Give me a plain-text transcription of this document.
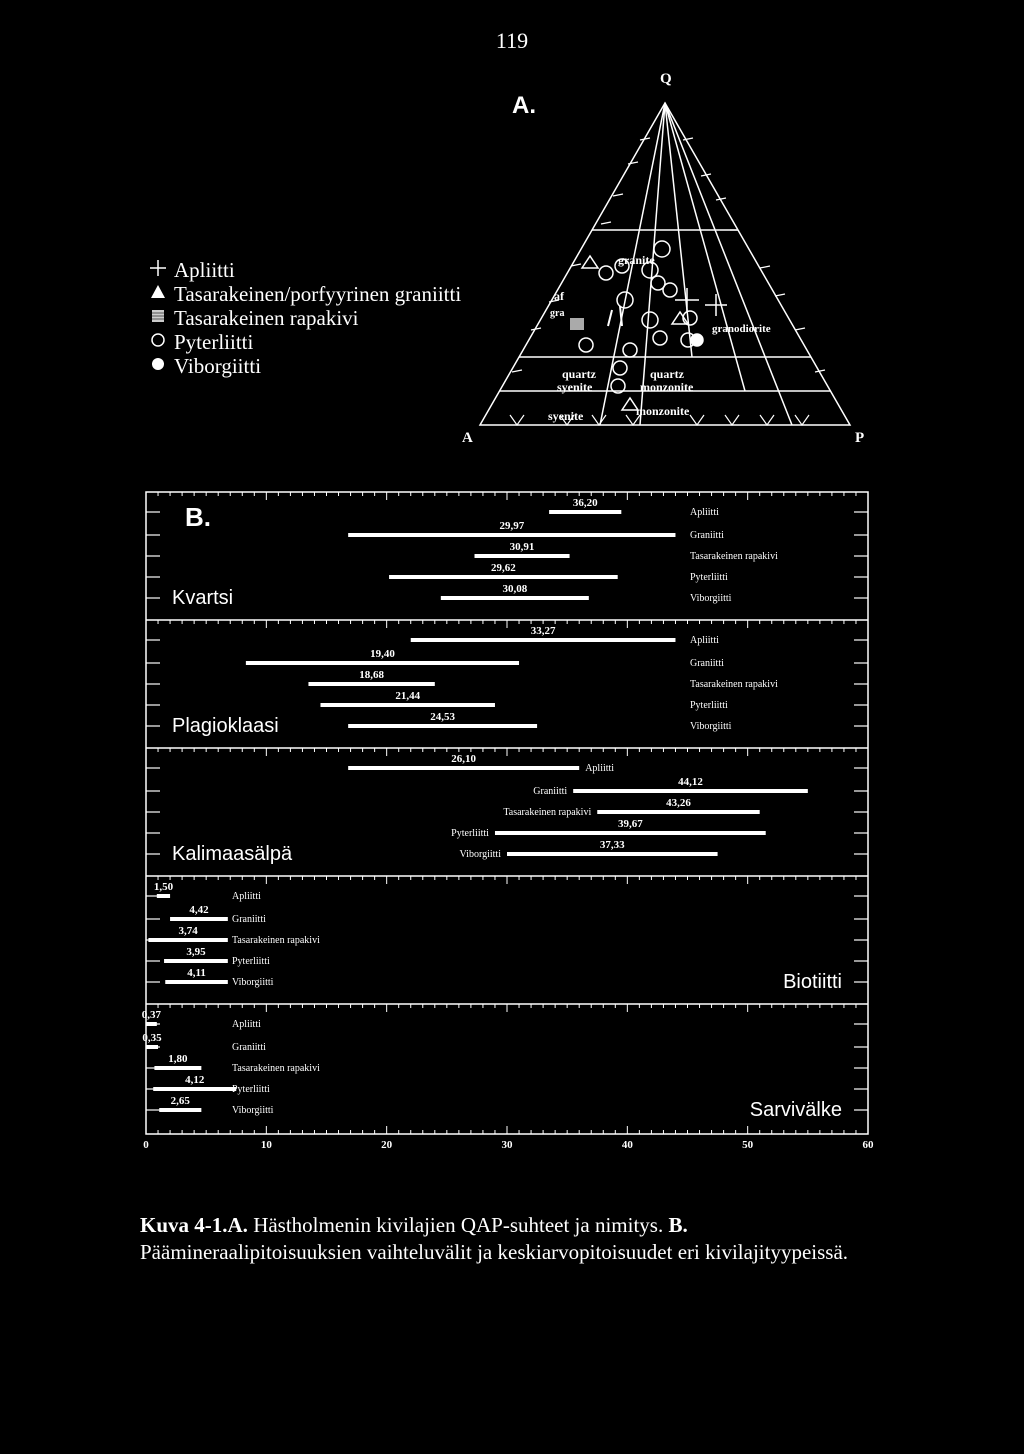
119
A.
Apliitti
Tasarakeinen/porfyyrinen graniitti
Tasarakeinen rapakivi
Pyterliitti
Viborgiitti
granite
af
gra
granodiorite
quartz
syenite
quartz
monzonite
syenite	monzonite
Q
A	P
0	10	20	30	40	50	60
Kvartsi
36,20
Apliitti
29,97
Graniitti
30,91
Tasarakeinen rapakivi
29,62
Pyterliitti
30,08
Viborgiitti
Plagioklaasi
33,27
Apliitti
19,40
Graniitti
18,68
Tasarakeinen rapakivi
21,44
Pyterliitti
24,53
Viborgiitti
Kalimaasälpä
26,10
Apliitti
44,12
Graniitti
43,26
Tasarakeinen rapakivi
39,67
Pyterliitti
37,33
Viborgiitti
Biotiitti
1,50
Apliitti
4,42
Graniitti
3,74
Tasarakeinen rapakivi
3,95
Pyterliitti
4,11
Viborgiitti
Sarvivälke
0,37
Apliitti
0,35
Graniitti
1,80
Tasarakeinen rapakivi
4,12
Pyterliitti
2,65
Viborgiitti
B.
Kuva 4-1.A. Hästholmenin kivilajien QAP-suhteet ja nimitys. B. Päämineraalipitoisuuksien vaihteluvälit ja keskiarvopitoisuudet eri kivilajityypeissä.
